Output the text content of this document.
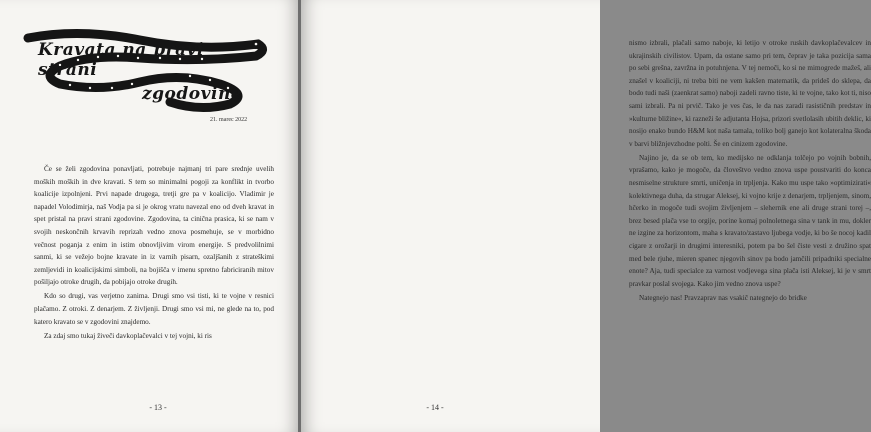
Kravata na pravi strani
zgodovine
21. marec 2022

Če se želi zgodovina ponavljati, potrebuje najmanj tri pare srednje uvelih moških moških in dve kravati. S tem so minimalni pogoji za konflikt in tvorbo koalicije izpolnjeni. Prvi napade drugega, tretji gre pa v koalicijo. Vladimir je napadel Volodimirja, naš Vodja pa si je okrog vratu navezal eno od dveh kravat in spet pristal na pravi strani zgodovine. Zgodovina, ta cinična prasica, ki se nam v svojih neskončnih krvavih reprizah vedno znova posmehuje, se v morbidno večnost poganja z enim in istim obnovljivim virom energije. S predvolilnimi sanmi, ki se vežejo bojne kravate in iz varnih pisarn, ozaljšanih z strateškimi zemljevidi in koalicijskimi simboli, na bojišča v imenu spretno fabriciranih mitov pošiljajo otroke drugih, da pobijajo otroke drugih.

Kdo so drugi, vas verjetno zanima. Drugi smo vsi tisti, ki te vojne v resnici plačamo. Z otroki. Z denarjem. Z življenji. Drugi smo vsi mi, ne glede na to, pod katero kravato se v zgodovini znajdemo.

Za zdaj smo tukaj živeči davkoplačevalci v tej vojni, ki ris

- 13 -

nismo izbrali, plačali samo naboje, ki letijo v otroke ruskih davkoplačevalcev in ukrajinskih civilistov. Upam, da ostane samo pri tem, čeprav je taka pozicija sama po sebi grešna, zavržna in potuhnjena. V tej nemoči, ko si ne mimogrede mažeš, ali znašel v koaliciji, ni treba biti ne vem kakšen matematik, da prideš do sklepa, da bodo tudi naši (zaenkrat samo) naboji zadeli ravno tiste, ki te vojne, tako kot ti, niso sami izbrali. Pa ni prvič. Tako je ves čas, le da nas zaradi rasističnih predstav in »kulturne bližine«, ki razneži še adjutanta Hojsa, prizori svetlolasih ubitih deklic, ki nosijo enako bundo H&M kot naša tamala, toliko bolj ganejo kot kolateralna škoda v barvi bližnjevzhodne polti. Še en cinizem zgodovine.

Najino je, da se ob tem, ko medijsko ne odklanja tolčejo po vojnih bobnih, vprašamo, kako je mogoče, da človeštvo vedno znova uspe poustvariti do konca nesmiselne strukture smrti, uničenja in trpljenja. Kako mu uspe tako »optimizirati« kolektivnega duha, da strugar Aleksej, ki vojno krije z denarjem, trpljenjem, sinom, hčerko in mogoče tudi svojim življenjem – slehernik ene ali druge strani torej –, brez besed plača vse to orgije, porine komaj polnoletnega sina v tank in mu, dokler ne izgine za horizontom, maha s kravato/zastavo ljubega vodje, ki bo še nocoj kadil cigare z orožarji in drugimi interesniki, potem pa bo šel čiste vesti z družino spat med bele rjuhe, mieren spanec njegovih sinov pa bodo jamčili pripadniki specialne enote? Aja, tudi specialce za varnost vodjevega sina plača isti Aleksej, ki je v smrt pravkar poslal svojega. Kako jim vedno znova uspe?

Nategnejo nas! Pravzaprav nas vsakič nategnejo do bridke

- 14 -
